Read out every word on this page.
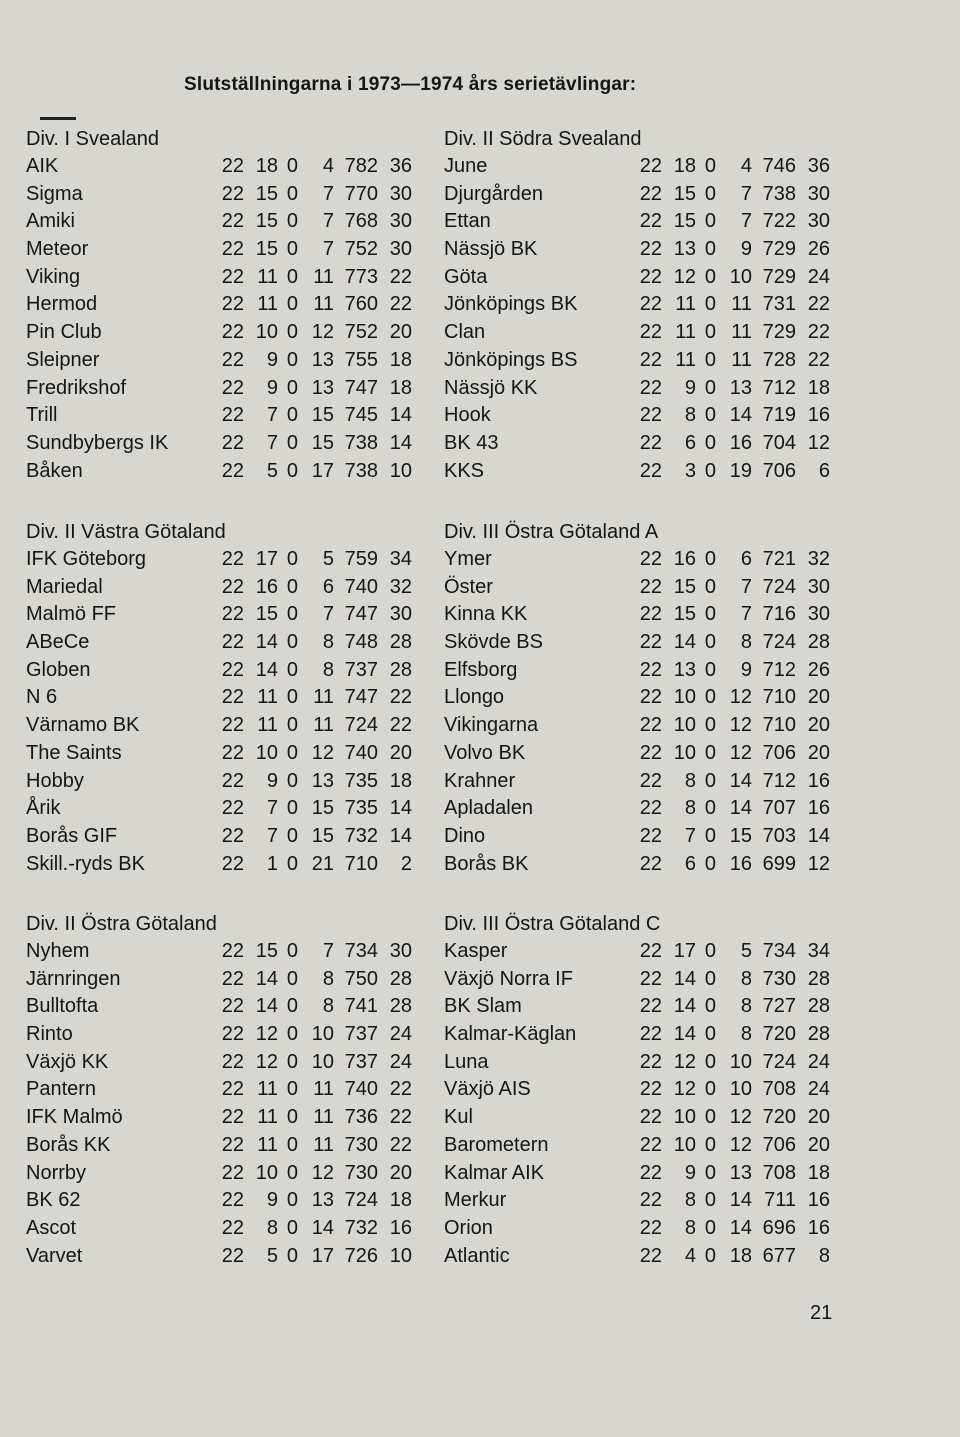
Slutställningarna i 1973—1974 års serietävlingar:
Div. I Svealand
AIK	22 18 0	4 782 36
Sigma	22 15 0	7 770 30
Amiki	22 15 0	7 768 30
Meteor	22 15 0	7 752 30
Viking	22 11 0 11 773 22
Hermod	22 11 0 11 760 22
Pin Club	22 10 0 12 752 20
Sleipner	22	9 0 13 755 18
Fredrikshof	22	9 0 13 747 18
Trill	22	7 0 15 745 14
Sundbybergs IK	22	7 0 15 738 14
Båken	22	5 0 17 738 10
Div. II Södra Svealand
June	22 18 0	4 746 36
Djurgården	22 15 0	7 738 30
Ettan	22 15 0	7 722 30
Nässjö BK	22 13 0	9 729 26
Göta	22 12 0 10 729 24
Jönköpings BK	22 11 0 11 731 22
Clan	22 11 0 11 729 22
Jönköpings BS	22 11 0 11 728 22
Nässjö KK	22	9 0 13 712 18
Hook	22	8 0 14 719 16
BK 43	22	6 0 16 704 12
KKS	22	3 0 19 706	6
Div. II Västra Götaland
IFK Göteborg	22 17 0	5 759 34
Mariedal	22 16 0	6 740 32
Malmö FF	22 15 0	7 747 30
ABeCe	22 14 0	8 748 28
Globen	22 14 0	8 737 28
N 6	22 11 0 11 747 22
Värnamo BK	22 11 0 11 724 22
The Saints	22 10 0 12 740 20
Hobby	22	9 0 13 735 18
Årik	22	7 0 15 735 14
Borås GIF	22	7 0 15 732 14
Skill.-ryds BK	22	1 0 21 710	2
Div. III Östra Götaland A
Ymer	22 16 0	6 721 32
Öster	22 15 0	7 724 30
Kinna KK	22 15 0	7 716 30
Skövde BS	22 14 0	8 724 28
Elfsborg	22 13 0	9 712 26
Llongo	22 10 0 12 710 20
Vikingarna	22 10 0 12 710 20
Volvo BK	22 10 0 12 706 20
Krahner	22	8 0 14 712 16
Apladalen	22	8 0 14 707 16
Dino	22	7 0 15 703 14
Borås BK	22	6 0 16 699 12
Div. II Östra Götaland
Nyhem	22 15 0	7 734 30
Järnringen	22 14 0	8 750 28
Bulltofta	22 14 0	8 741 28
Rinto	22 12 0 10 737 24
Växjö KK	22 12 0 10 737 24
Pantern	22 11 0 11 740 22
IFK Malmö	22 11 0 11 736 22
Borås KK	22 11 0 11 730 22
Norrby	22 10 0 12 730 20
BK 62	22	9 0 13 724 18
Ascot	22	8 0 14 732 16
Varvet	22	5 0 17 726 10
Div. III Östra Götaland C
Kasper	22 17 0	5 734 34
Växjö Norra IF	22 14 0	8 730 28
BK Slam	22 14 0	8 727 28
Kalmar-Käglan	22 14 0	8 720 28
Luna	22 12 0 10 724 24
Växjö AIS	22 12 0 10 708 24
Kul	22 10 0 12 720 20
Barometern	22 10 0 12 706 20
Kalmar AIK	22	9 0 13 708 18
Merkur	22	8 0 14 711 16
Orion	22	8 0 14 696 16
Atlantic	22	4 0 18 677	8
21
